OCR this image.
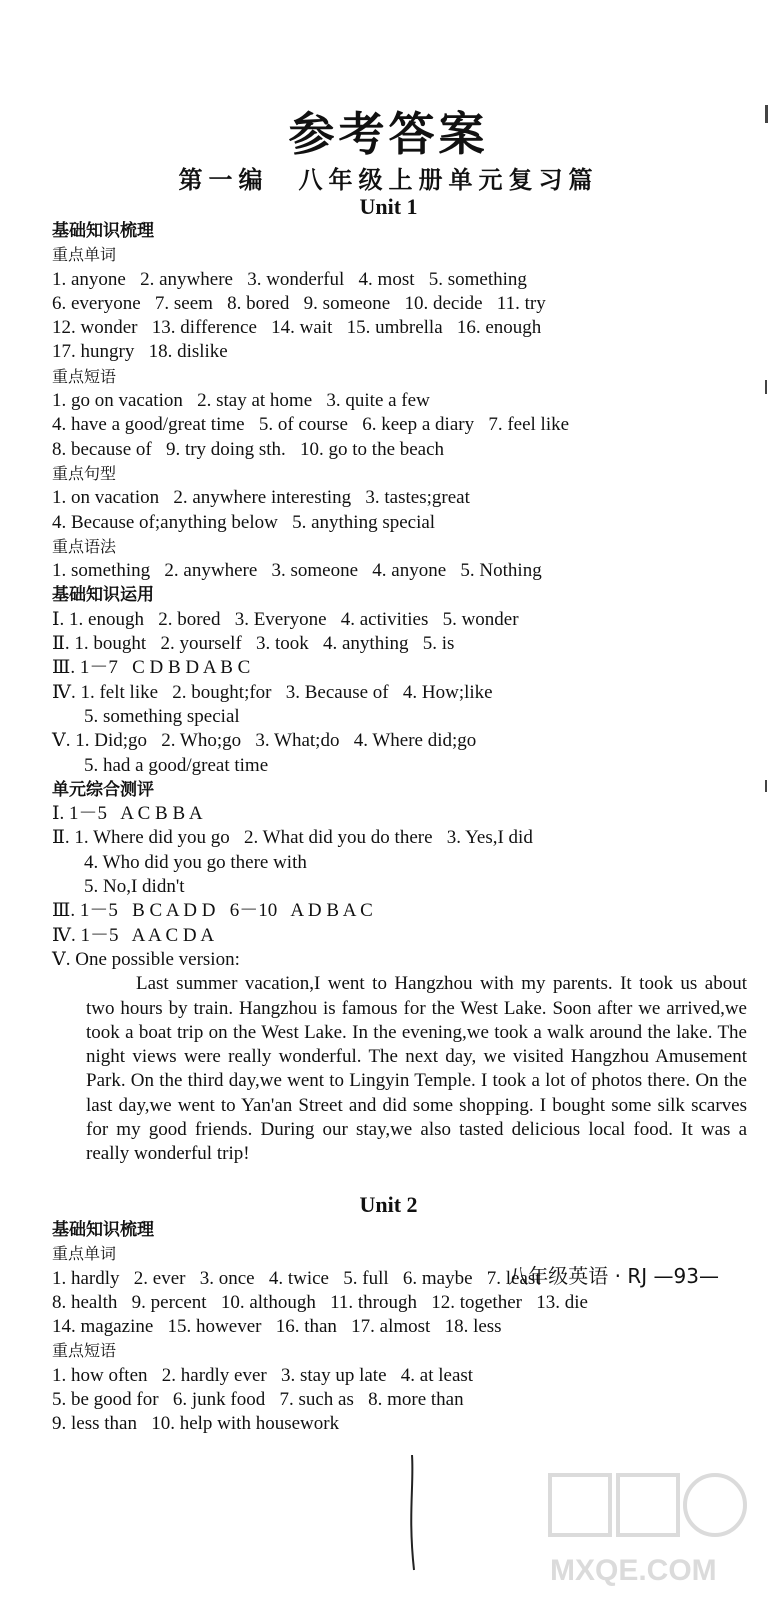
参考答案
第一编　八年级上册单元复习篇
Unit 1
基础知识梳理
重点单词
1. anyone   2. anywhere   3. wonderful   4. most   5. something
6. everyone   7. seem   8. bored   9. someone   10. decide   11. try
12. wonder   13. difference   14. wait   15. umbrella   16. enough
17. hungry   18. dislike
重点短语
1. go on vacation   2. stay at home   3. quite a few
4. have a good/great time   5. of course   6. keep a diary   7. feel like
8. because of   9. try doing sth.   10. go to the beach
重点句型
1. on vacation   2. anywhere interesting   3. tastes;great
4. Because of;anything below   5. anything special
重点语法
1. something   2. anywhere   3. someone   4. anyone   5. Nothing
基础知识运用
Ⅰ. 1. enough   2. bored   3. Everyone   4. activities   5. wonder
Ⅱ. 1. bought   2. yourself   3. took   4. anything   5. is
Ⅲ. 1－7   C D B D A B C
Ⅳ. 1. felt like   2. bought;for   3. Because of   4. How;like
5. something special
Ⅴ. 1. Did;go   2. Who;go   3. What;do   4. Where did;go
5. had a good/great time
单元综合测评
Ⅰ. 1－5   A C B B A
Ⅱ. 1. Where did you go   2. What did you do there   3. Yes,I did
4. Who did you go there with
5. No,I didn't
Ⅲ. 1－5   B C A D D   6－10   A D B A C
Ⅳ. 1－5   A A C D A
Ⅴ. One possible version:
Last summer vacation,I went to Hangzhou with my parents. It took us about two hours by train. Hangzhou is famous for the West Lake. Soon after we arrived,we took a boat trip on the West Lake. In the evening,we took a walk around the lake. The night views were really wonderful. The next day, we visited Hangzhou Amusement Park. On the third day,we went to Lingyin Temple. I took a lot of photos there. On the last day,we went to Yan'an Street and did some shopping. I bought some silk scarves for my good friends. During our stay,we also tasted delicious local food. It was a really wonderful trip!
Unit 2
基础知识梳理
重点单词
1. hardly   2. ever   3. once   4. twice   5. full   6. maybe   7. least
8. health   9. percent   10. although   11. through   12. together   13. die
14. magazine   15. however   16. than   17. almost   18. less
重点短语
1. how often   2. hardly ever   3. stay up late   4. at least
5. be good for   6. junk food   7. such as   8. more than
9. less than   10. help with housework
八年级英语 · RJ —93—
MXQE.COM
